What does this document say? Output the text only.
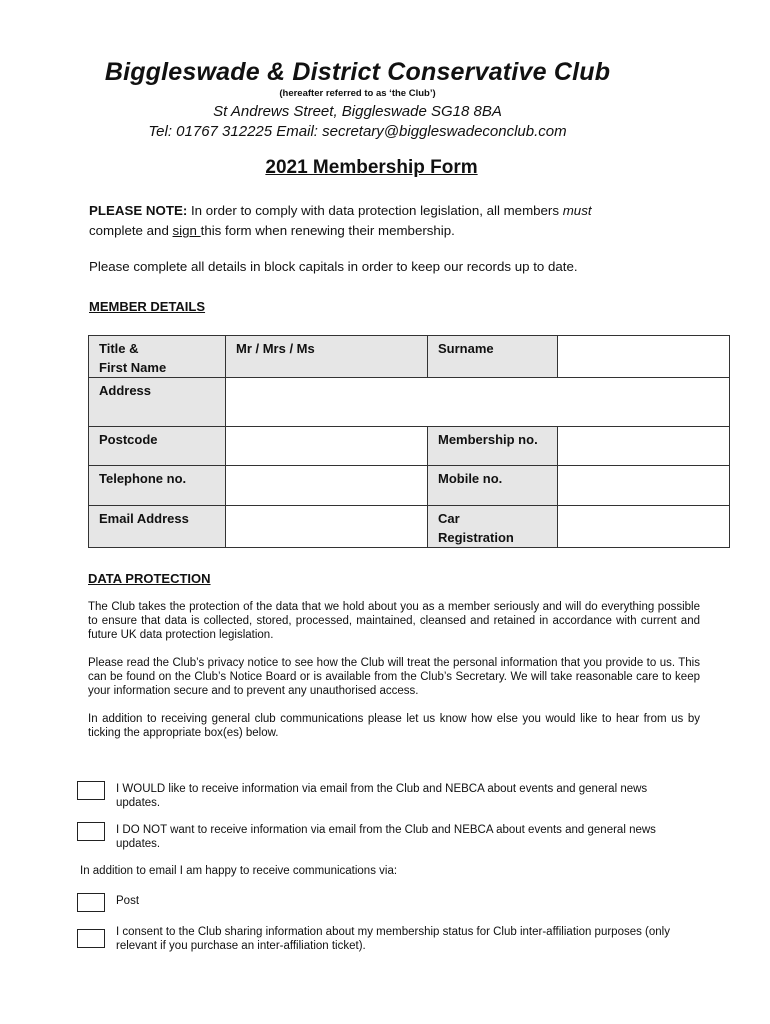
Biggleswade & District Conservative Club
(hereafter referred to as ‘the Club’)
St Andrews Street, Biggleswade SG18 8BA
Tel: 01767 312225 Email: secretary@biggleswadeconclub.com
2021 Membership Form
PLEASE NOTE: In order to comply with data protection legislation, all members must
complete and sign this form when renewing their membership.
Please complete all details in block capitals in order to keep our records up to date.
MEMBER DETAILS
Title &
First Name	Mr / Mrs / Ms	Surname	
Address			
Postcode		Membership no.	
Telephone no.		Mobile no.	
Email Address		Car
Registration	
DATA PROTECTION
The Club takes the protection of the data that we hold about you as a member seriously and will do everything possible to ensure that data is collected, stored, processed, maintained, cleansed and retained in accordance with current and future UK data protection legislation.
Please read the Club’s privacy notice to see how the Club will treat the personal information that you provide to us. This can be found on the Club’s Notice Board or is available from the Club’s Secretary. We will take reasonable care to keep your information secure and to prevent any unauthorised access.
In addition to receiving general club communications please let us know how else you would like to hear from us by ticking the appropriate box(es) below.
I WOULD like to receive information via email from the Club and NEBCA about events and general news updates.
I DO NOT want to receive information via email from the Club and NEBCA about events and general news updates.
In addition to email I am happy to receive communications via:
Post
I consent to the Club sharing information about my membership status for Club inter-affiliation purposes (only relevant if you purchase an inter-affiliation ticket).
